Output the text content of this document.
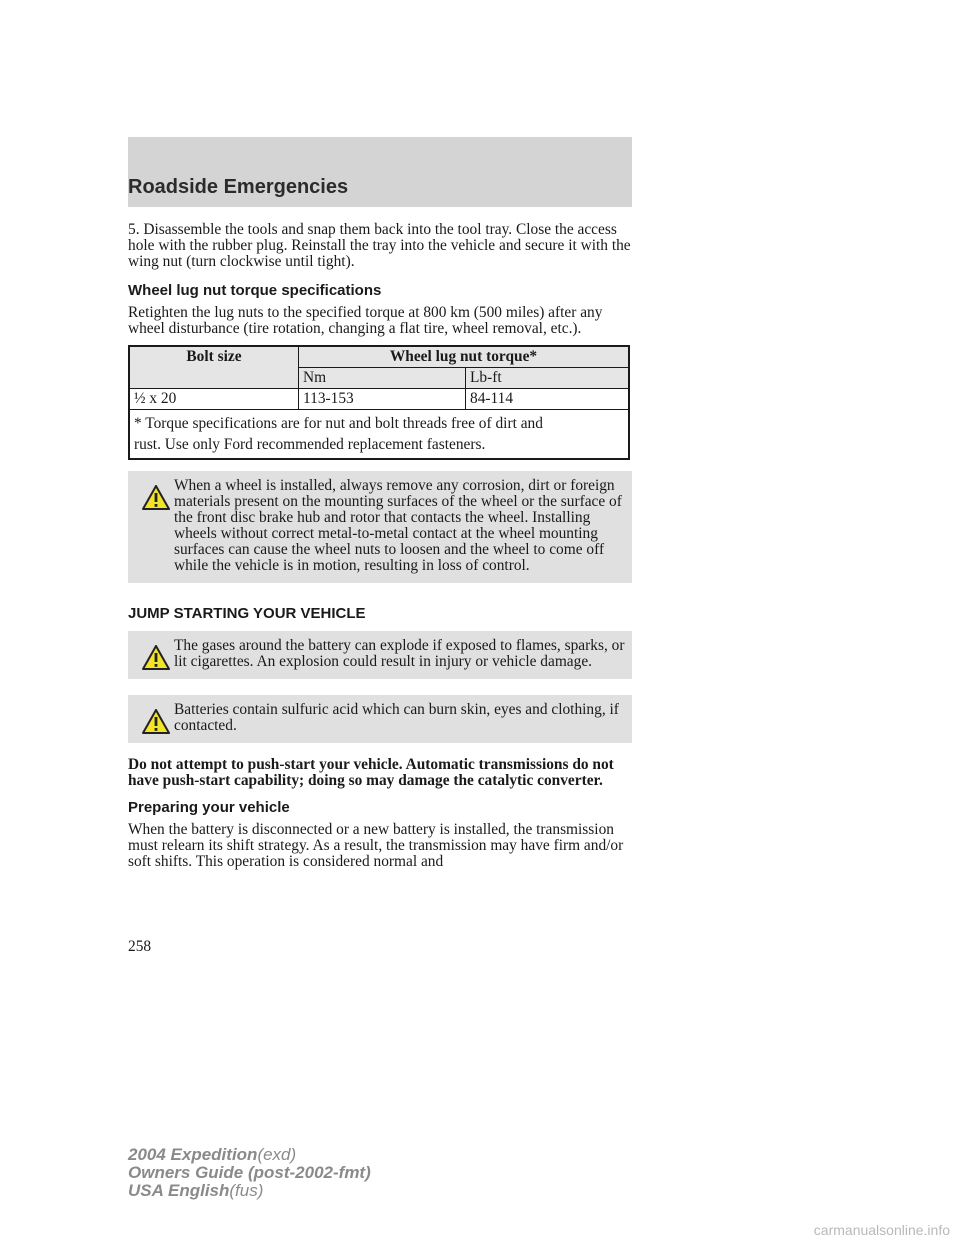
Roadside Emergencies

5. Disassemble the tools and snap them back into the tool tray. Close the access hole with the rubber plug. Reinstall the tray into the vehicle and secure it with the wing nut (turn clockwise until tight).

Wheel lug nut torque specifications

Retighten the lug nuts to the specified torque at 800 km (500 miles) after any wheel disturbance (tire rotation, changing a flat tire, wheel removal, etc.).

Bolt size	Wheel lug nut torque*	
	Nm	Lb-ft
½ x 20	113-153	84-114
* Torque specifications are for nut and bolt threads free of dirt and
rust. Use only Ford recommended replacement fasteners.		

When a wheel is installed, always remove any corrosion, dirt or foreign materials present on the mounting surfaces of the wheel or the surface of the front disc brake hub and rotor that contacts the wheel. Installing wheels without correct metal-to-metal contact at the wheel mounting surfaces can cause the wheel nuts to loosen and the wheel to come off while the vehicle is in motion, resulting in loss of control.

JUMP STARTING YOUR VEHICLE

The gases around the battery can explode if exposed to flames, sparks, or lit cigarettes. An explosion could result in injury or vehicle damage.

Batteries contain sulfuric acid which can burn skin, eyes and clothing, if contacted.

Do not attempt to push-start your vehicle. Automatic transmissions do not have push-start capability; doing so may damage the catalytic converter.

Preparing your vehicle

When the battery is disconnected or a new battery is installed, the transmission must relearn its shift strategy. As a result, the transmission may have firm and/or soft shifts. This operation is considered normal and

258
2004 Expedition(exd)
Owners Guide (post-2002-fmt)
USA English(fus)
carmanualsonline.info
